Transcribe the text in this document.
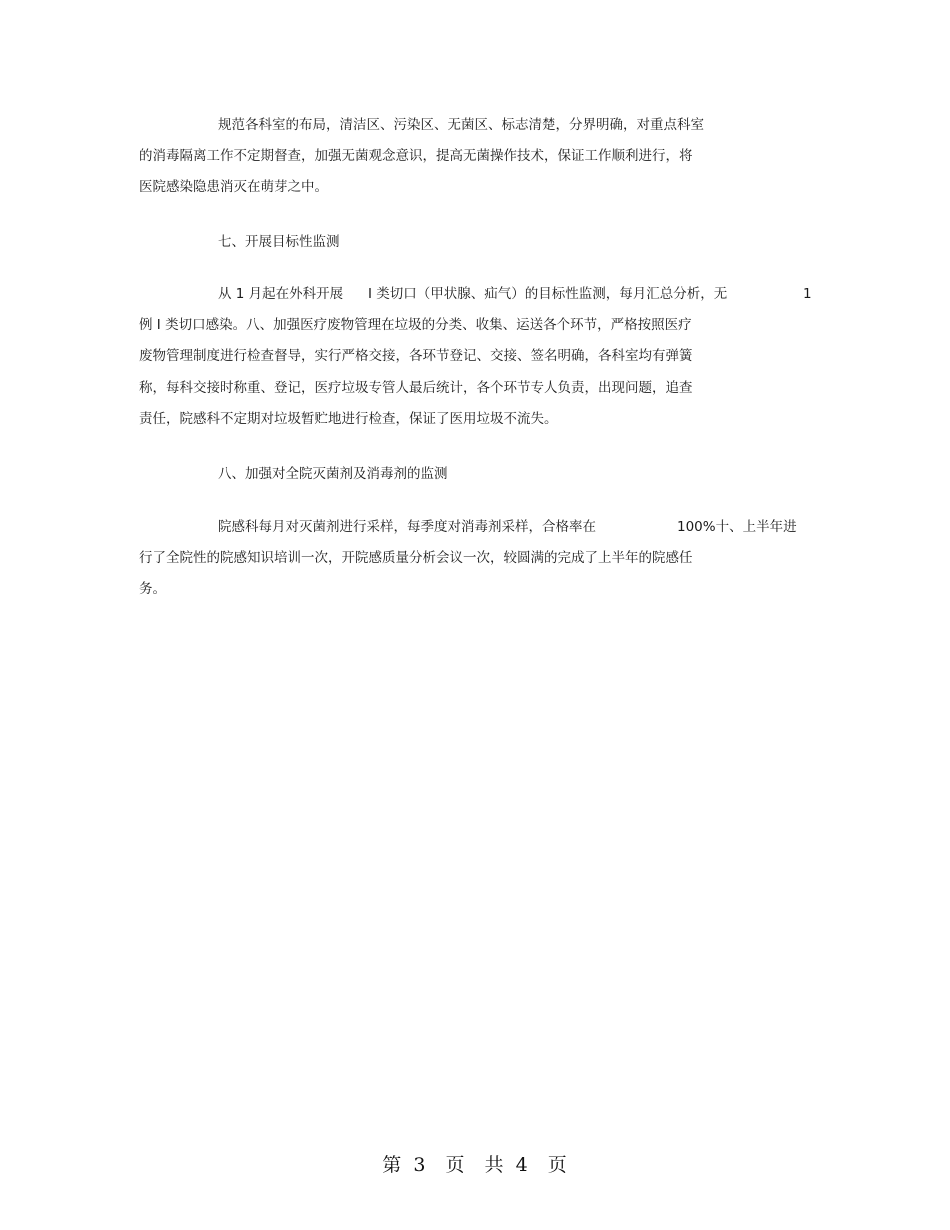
规范各科室的布局，清洁区、污染区、无菌区、标志清楚，分界明确，对重点科室
的消毒隔离工作不定期督查，加强无菌观念意识，提高无菌操作技术，保证工作顺利进行，将
医院感染隐患消灭在萌芽之中。
七、开展目标性监测
从 1 月起在外科开展 I 类切口（甲状腺、疝气）的目标性监测，每月汇总分析，无	1
例 I 类切口感染。八、加强医疗废物管理在垃圾的分类、收集、运送各个环节，严格按照医疗
废物管理制度进行检查督导，实行严格交接，各环节登记、交接、签名明确，各科室均有弹簧
称，每科交接时称重、登记，医疗垃圾专管人最后统计，各个环节专人负责，出现问题，追查
责任，院感科不定期对垃圾暂贮地进行检查，保证了医用垃圾不流失。
八、加强对全院灭菌剂及消毒剂的监测
院感科每月对灭菌剂进行采样，每季度对消毒剂采样，合格率在	100%十、上半年进
行了全院性的院感知识培训一次，开院感质量分析会议一次，较圆满的完成了上半年的院感任
务。
第 3 页 共 4 页
